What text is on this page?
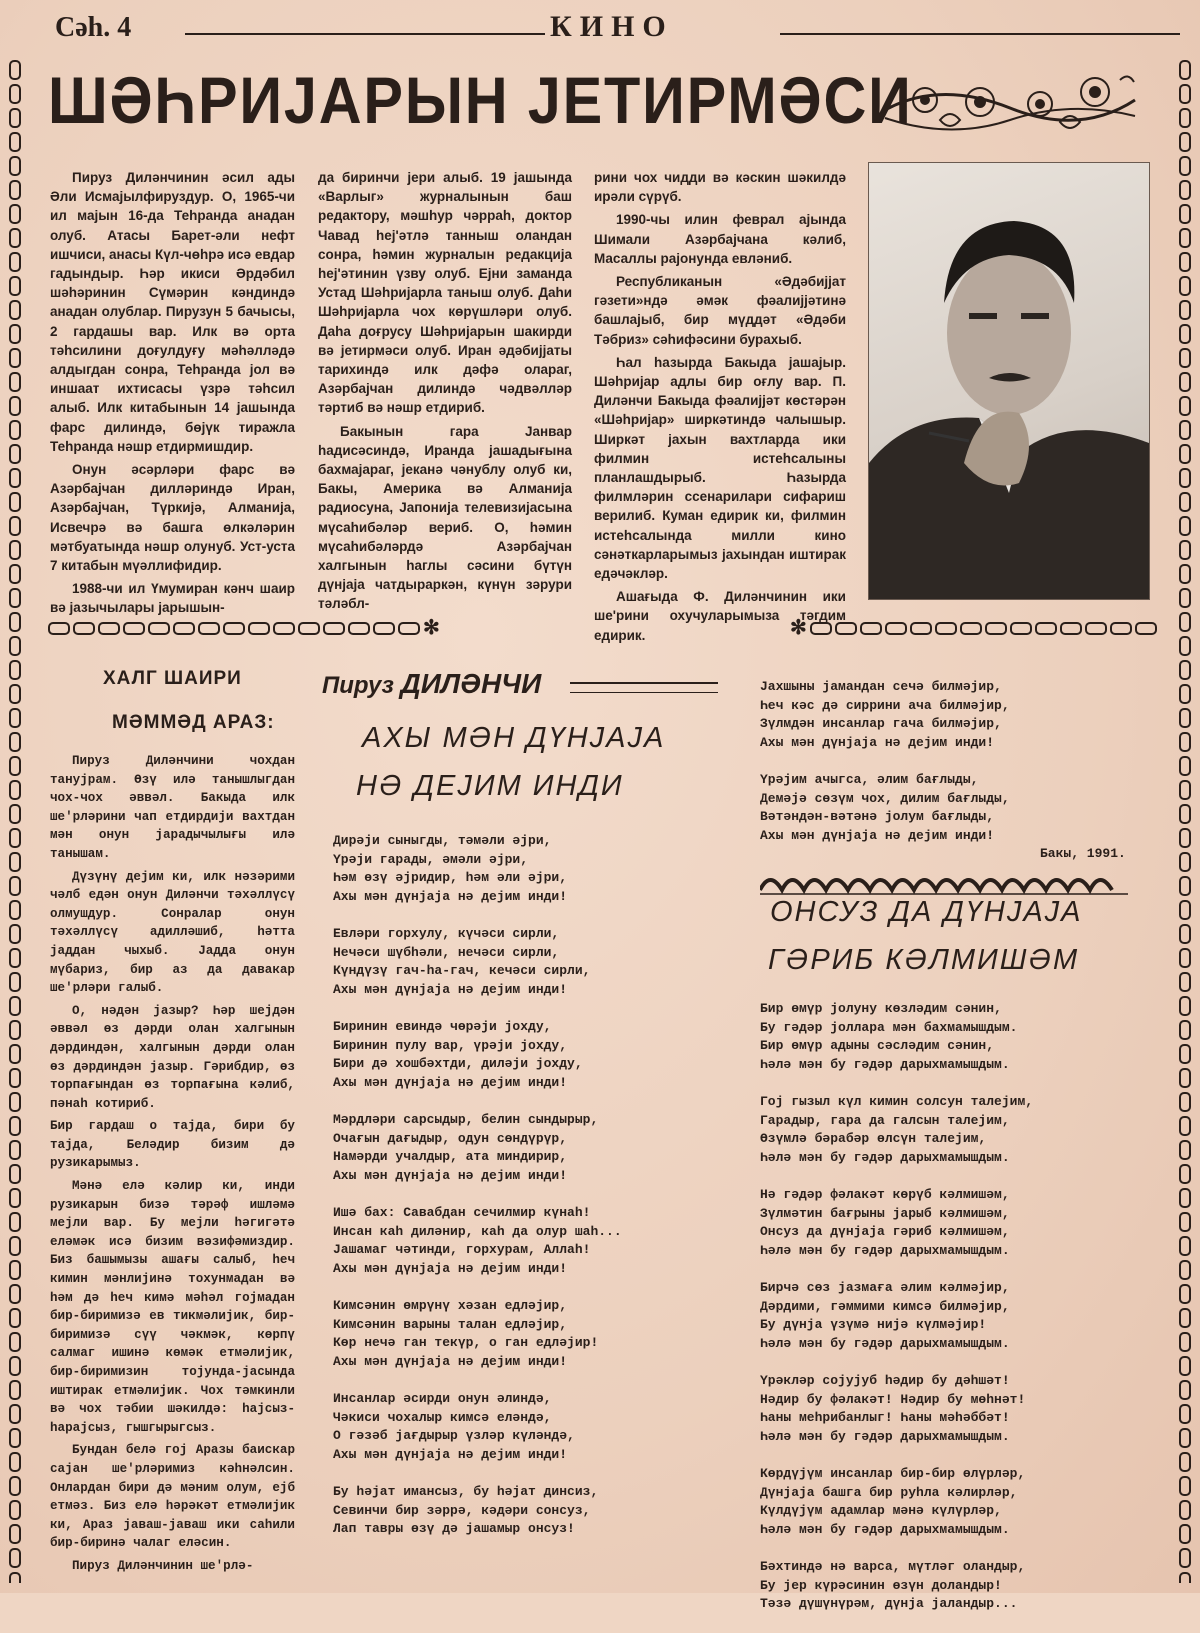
Сəh. 4	КИНО
ШƏҺРИЈАРЫН ЈЕТИРМƏСИ

Пируз Диләнчинин әсил ады Әли Исмајылфируздур. О, 1965-чи ил мајын 16-да Теһранда анадан олуб. Атасы Барет-әли нефт ишчиси, анасы Күл-чөһрә исә евдар гадындыр. Һәр икиси Әрдәбил шәһәринин Сүмәрин кәндиндә анадан олублар. Пирузун 5 бачысы, 2 гардашы вар. Илк вә орта тәһсилини доғулдуғу мәһәлләдә алдыгдан сонра, Теһранда јол вә иншаат ихтисасы үзрә тәһсил алыб. Илк китабынын 14 јашында фарс дилиндә, бөјүк тиражла Теһранда нәшр етдирмишдир.

Онун әсәрләри фарс вә Азәрбајчан дилләриндә Иран, Азәрбајчан, Түркијә, Алманија, Исвечрә вә башга өлкәләрин мәтбуатында нәшр олунуб. Уст-уста 7 китабын мүәллифидир.

1988-чи ил Үмумиран кәнч шаир вә јазычылары јарышын-

да биринчи јери алыб. 19 јашында «Варлыг» журналынын баш редактору, мәшһур чәрраһ, доктор Чавад һеј'әтлә танныш оландан сонра, һәмин журналын редакција һеј'әтинин үзву олуб. Ејни заманда Устад Шәһријарла таныш олуб. Даһи Шәһријарла чох көрүшләри олуб. Даһа доғрусу Шәһријарын шакирди вә јетирмәси олуб. Иран әдәбијјаты тарихиндә илк дәфә олараг, Азәрбајчан дилиндә чәдвәлләр тәртиб вә нәшр етдириб.

Бакынын гара Јанвар һадисәсиндә, Иранда јашадығына бахмајараг, јеканә чәнублу олуб ки, Бакы, Америка вә Алманија радиосуна, Јапонија телевизијасына мүсаһибәләр вериб. О, һәмин мүсаһибәләрдә Азәрбајчан халгынын һаглы сәсини бүтүн дүнјаја чатдыраркән, күнүн зәрури тәләбл-

рини чох чидди вә кәскин шәкилдә ирәли сүрүб.

1990-чы илин феврал ајында Шимали Азәрбајчана кәлиб, Масаллы рајонунда евләниб.

Республиканын «Әдәбијјат гәзети»ндә әмәк фәалијјәтинә башлајыб, бир мүддәт «Әдәби Тәбриз» сәһифәсини бурахыб.

Һал һазырда Бакыда јашајыр. Шәһријар адлы бир оғлу вар. П. Диләнчи Бакыда фәалијјәт көстәрән «Шәһријар» ширкәтиндә чалышыр. Ширкәт јахын вахтларда ики филмин истеһсалыны планлашдырыб. Һазырда филмләрин ссенарилари сифариш верилиб. Куман едирик ки, филмин истеһсалында милли кино сәнәткарларымыз јахындан иштирак едәчәкләр.

Ашағыда Ф. Диләнчинин ики ше'рини охучуларымыза тәгдим едирик.

✻	✻
ХАЛГ ШАИРИ
МӘММӘД АРАЗ:

Пируз Диләнчини чохдан танујрам. Өзү илә танышлыгдан чох-чох әввәл. Бакыда илк ше'рләрини чап етдирдији вахтдан мән онун јарадычылығы илә танышам.

Дүзүнү дејим ки, илк нәзәрими чәлб едән онун Диләнчи тәхәллүсү олмушдур. Сонралар онун тәхәллүсү адилләшиб, һәтта јаддан чыхыб. Јадда онун мүбариз, бир аз да давакар ше'рләри галыб.

О, нәдән јазыр? Һәр шејдән әввәл өз дәрди олан халгынын дәрдиндән, халгынын дәрди олан өз дәрдиндән јазыр. Гәрибдир, өз торпағындан өз торпағына кәлиб, пәнаһ котириб.

Бир гардаш о тајда, бири бу тајда, Беләдир бизим дә рузикарымыз.

Мәнә елә кәлир ки, инди рузикарын бизә тәрәф ишләмә мејли вар. Бу мејли һәгигәтә еләмәк исә бизим вәзифәмиздир. Биз башымызы ашағы салыб, һеч кимин мәнлијинә тохунмадан вә һәм дә һеч кимә мәһәл гојмадан бир-биримизә ев тикмәлијик, бир-биримизә сүү чәкмәк, көрпү салмаг ишинә көмәк етмәлијик, бир-биримизин тојунда-јасында иштирак етмәлијик. Чох тәмкинли вә чох тәбии шәкилдә: һајсыз-һарајсыз, гышгырыгсыз.

Бундан белә гој Аразы баискар сајан ше'рләримиз кәһнәлсин. Онлардан бири дә мәним олум, ејб етмәз. Биз елә һәрәкәт етмәлијик ки, Араз јаваш-јаваш ики саһили бир-биринә чалаг елəсин.

Пируз Диләнчинин ше'рлә-

Пируз ДИЛӘНЧИ
АХЫ МӘН ДҮНЈАЈА
НӘ ДЕЈИМ ИНДИ
Дирәји сыныгды, тәмәли әјри,
Үрәји гарады, әмәли әјри,
Һәм өзү әјридир, һәм әли әјри,
Ахы мән дүнјаја нә дејим инди!
Евләри горхулу, күчәси сирли,
Нечәси шүбһәли, нечәси сирли,
Күндүзү гач-һа-гач, кечәси сирли,
Ахы мән дүнјаја нә дејим инди!
Биринин евиндә чөрәји јохду,
Биринин пулу вар, үрәји јохду,
Бири дә хошбәхтди, диләји јохду,
Ахы мән дүнјаја нә дејим инди!
Мәрдләри сарсыдыр, белин сындырыр,
Очағын дағыдыр, одун сөндүрүр,
Намәрди учалдыр, ата миндирир,
Ахы мән дүнјаја нә дејим инди!
Ишә бах: Савабдан сечилмир күнаһ!
Инсан каһ диләнир, каһ да олур шаһ...
Јашамаг чәтинди, горхурам, Аллаһ!
Ахы мән дүнјаја нә дејим инди!
Кимсәнин өмрүнү хәзан едләјир,
Кимсәнин варыны талан едләјир,
Көр нечә ган текүр, о ган едләјир!
Ахы мән дүнјаја нә дејим инди!
Инсанлар әсирди онун әлиндә,
Чәкиси чохалыр кимсә еләндә,
О гәзәб јағдырыр үзләр күләндә,
Ахы мән дүнјаја нә дејим инди!
Бу һәјат имансыз, бу һәјат динсиз,
Севинчи бир зәррә, кәдәри сонсуз,
Лап тавры өзү дә јашамыр онсуз!
Јахшыны јамандан сечә билмәјир,
Һеч кәс дә сиррини ача билмәјир,
Зүлмдән инсанлар гача билмәјир,
Ахы мән дүнјаја нә дејим инди!
Үрәјим ачыгса, әлим бағлыды,
Демәјә сөзүм чох, дилим бағлыды,
Вәтәндән-вәтәнә јолум бағлыды,
Ахы мән дүнјаја нә дејим инди!
Бакы, 1991.
ОНСУЗ ДА ДҮНЈАЈА
ГӘРИБ КӘЛМИШӘМ
Бир өмүр јолуну көзләдим сәнин,
Бу гәдәр јолларa мән бахмамышдым.
Бир өмүр адыны сәсләдим сәнин,
Һәлә мән бу гәдәр дарыхмамышдым.
Гој гызыл күл кимин солсун талејим,
Гарадыр, гара да галсын талејим,
Өзүмлә бәрабәр өлсүн талејим,
Һәлә мән бу гәдәр дарыхмамышдым.
Нә гәдәр фәлакәт көрүб кәлмишәм,
Зүлмәтин бағрыны јарыб кәлмишәм,
Онсуз да дүнјаја гәриб кәлмишәм,
Һәлә мән бу гәдәр дарыхмамышдым.
Бирчә сөз јазмаға әлим кәлмәјир,
Дәрдими, гәммими кимсә билмәјир,
Бу дүнја үзүмә нијә күлмәјир!
Һәлә мән бу гәдәр дарыхмамышдым.
Үрәкләр сојујуб һәдир бу дәһшәт!
Нәдир бу фәлакәт! Нәдир бу мөһнәт!
Һаны меһрибанлыг! Һаны мәһәббәт!
Һәлә мән бу гәдәр дарыхмамышдым.
Көрдүјүм инсанлар бир-бир өлүрләр,
Дүнјаја башга бир руһла кәлирләр,
Күлдүјүм адамлар мәнә күлүрләр,
Һәлә мән бу гәдәр дарыхмамышдым.
Бәхтиндә нә варса, мүтләг оландыр,
Бу јер күрәсинин өзүн доландыр!
Тәзә дүшүнүрәм, дүнја јаландыр...
